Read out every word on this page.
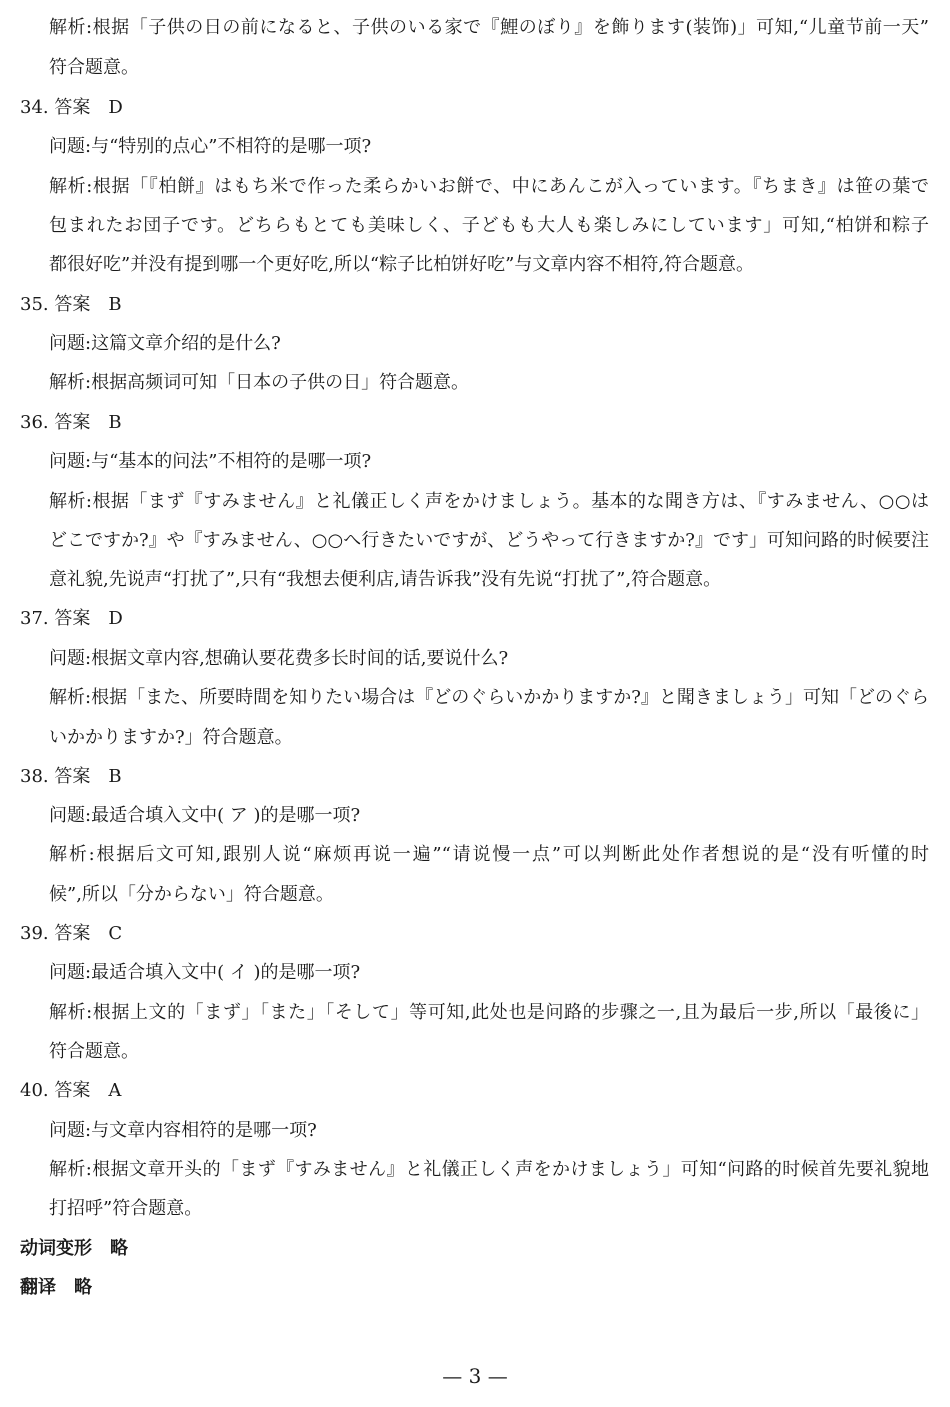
解析:根据「子供の日の前になると、子供のいる家で『鯉のぼり』を飾ります(装饰)」可知,“儿童节前一天”
符合题意。
34. 答案　D
问题:与“特别的点心”不相符的是哪一项?
解析:根据「『柏餅』はもち米で作った柔らかいお餅で、中にあんこが入っています。『ちまき』は笹の葉で
包まれたお団子です。どちらもとても美味しく、子どもも大人も楽しみにしています」可知,“柏饼和粽子
都很好吃”并没有提到哪一个更好吃,所以“粽子比柏饼好吃”与文章内容不相符,符合题意。
35. 答案　B
问题:这篇文章介绍的是什么?
解析:根据高频词可知「日本の子供の日」符合题意。
36. 答案　B
问题:与“基本的问法”不相符的是哪一项?
解析:根据「まず『すみません』と礼儀正しく声をかけましょう。基本的な聞き方は、『すみません、○○は
どこですか?』や『すみません、○○へ行きたいですが、どうやって行きますか?』です」可知问路的时候要注
意礼貌,先说声“打扰了”,只有“我想去便利店,请告诉我”没有先说“打扰了”,符合题意。
37. 答案　D
问题:根据文章内容,想确认要花费多长时间的话,要说什么?
解析:根据「また、所要時間を知りたい場合は『どのぐらいかかりますか?』と聞きましょう」可知「どのぐら
いかかりますか?」符合题意。
38. 答案　B
问题:最适合填入文中( ア )的是哪一项?
解析:根据后文可知,跟别人说“麻烦再说一遍”“请说慢一点”可以判断此处作者想说的是“没有听懂的时
候”,所以「分からない」符合题意。
39. 答案　C
问题:最适合填入文中( イ )的是哪一项?
解析:根据上文的「まず」「また」「そして」等可知,此处也是问路的步骤之一,且为最后一步,所以「最後に」
符合题意。
40. 答案　A
问题:与文章内容相符的是哪一项?
解析:根据文章开头的「まず『すみません』と礼儀正しく声をかけましょう」可知“问路的时候首先要礼貌地
打招呼”符合题意。
动词变形　略
翻译　略
— 3 —
